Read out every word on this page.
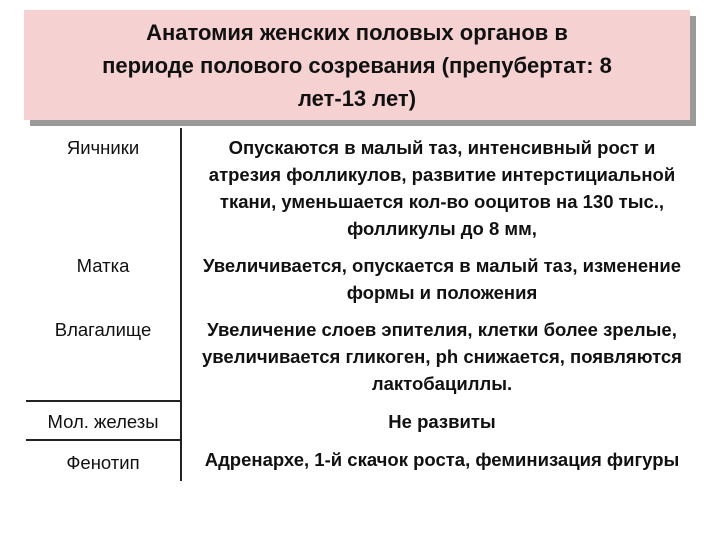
Анатомия женских половых органов в
периоде полового созревания (препубертат: 8
лет-13 лет)
Яичники	Опускаются в малый таз, интенсивный рост и атрезия фолликулов, развитие интерстициальной ткани, уменьшается кол-во ооцитов на 130 тыс., фолликулы до 8 мм,
Матка	Увеличивается, опускается в малый таз, изменение формы и положения
Влагалище	Увеличение слоев эпителия, клетки более зрелые, увеличивается гликоген, ph снижается, появляются лактобациллы.
Мол. железы	Не развиты
Фенотип	Адренархе, 1-й скачок роста, феминизация фигуры
